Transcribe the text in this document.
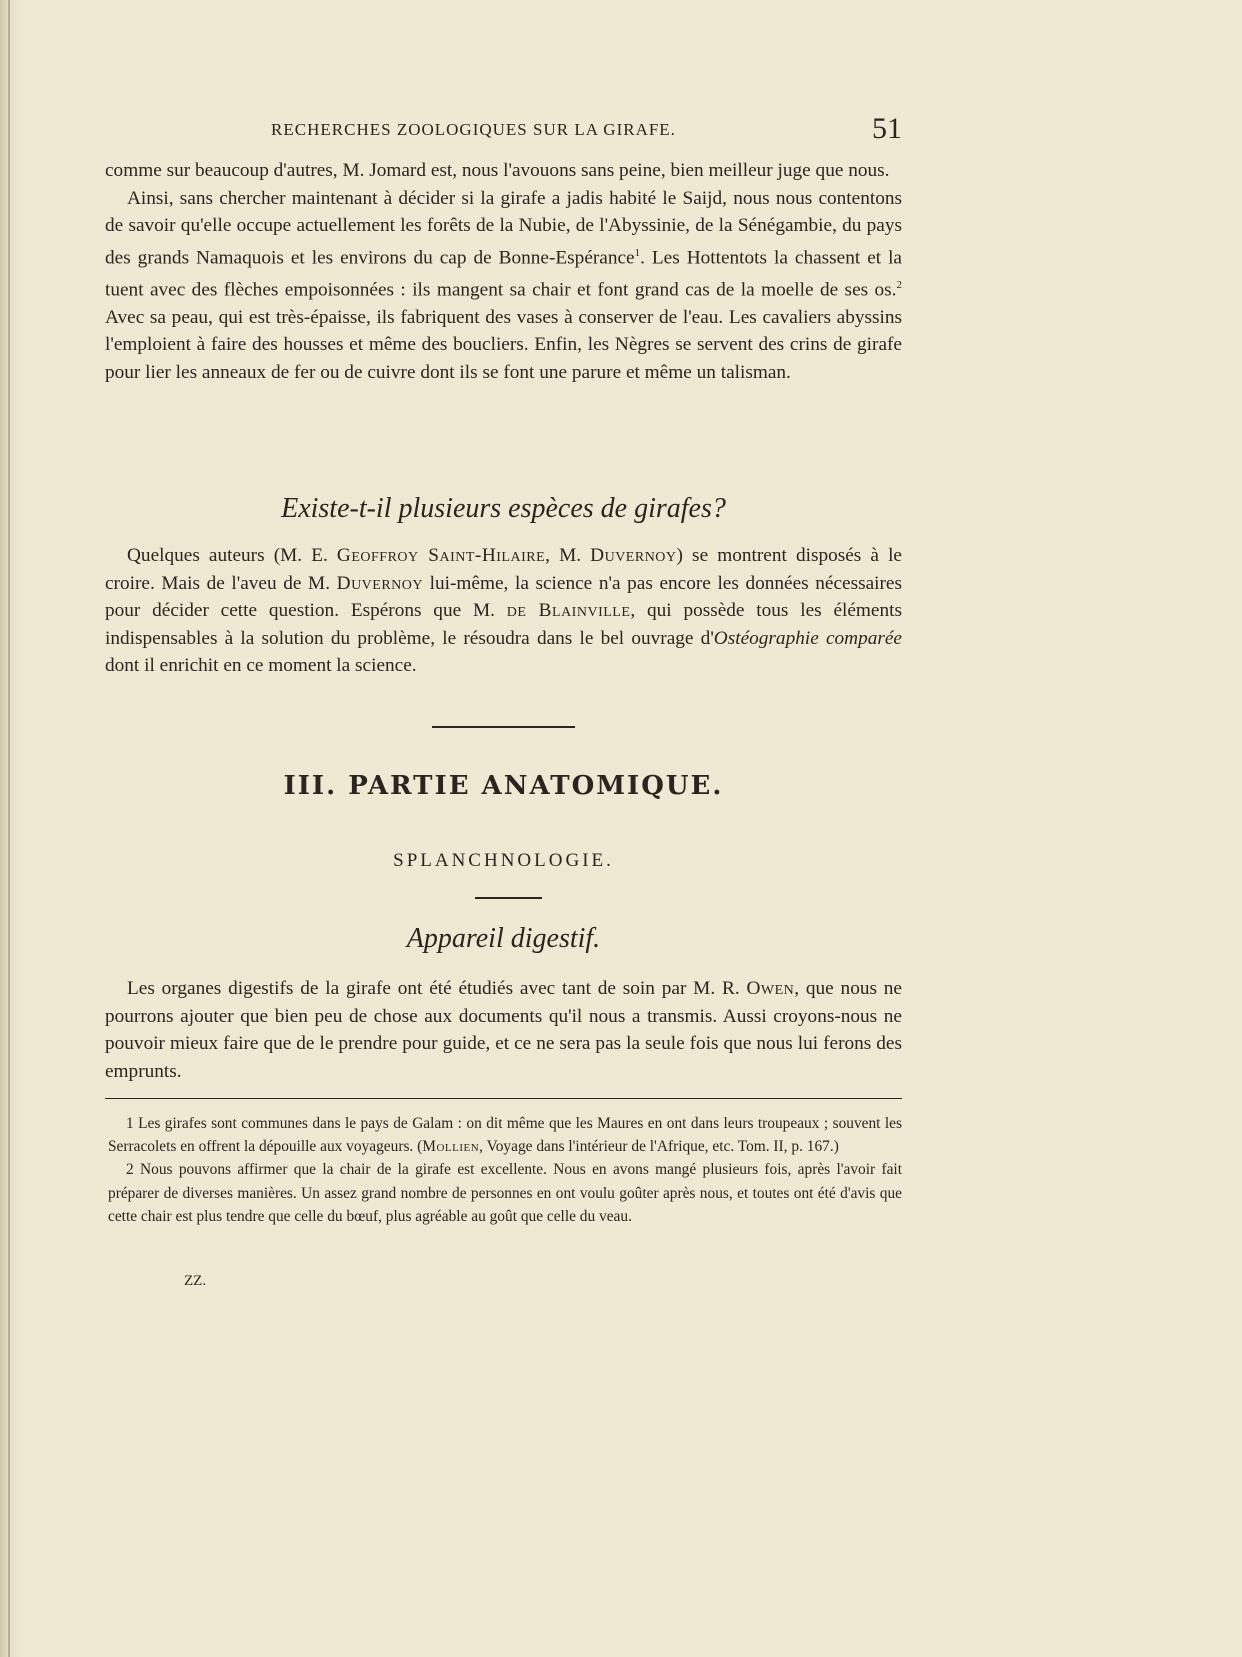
RECHERCHES ZOOLOGIQUES SUR LA GIRAFE.	51

comme sur beaucoup d'autres, M. Jomard est, nous l'avouons sans peine, bien meilleur juge que nous.

Ainsi, sans chercher maintenant à décider si la girafe a jadis habité le Saijd, nous nous contentons de savoir qu'elle occupe actuellement les forêts de la Nubie, de l'Abyssinie, de la Sénégambie, du pays des grands Namaquois et les environs du cap de Bonne-Espérance$^1$. Les Hottentots la chassent et la tuent avec des flèches empoisonnées : ils mangent sa chair et font grand cas de la moelle de ses os.$^2$ Avec sa peau, qui est très-épaisse, ils fabriquent des vases à conserver de l'eau. Les cavaliers abyssins l'emploient à faire des housses et même des boucliers. Enfin, les Nègres se servent des crins de girafe pour lier les anneaux de fer ou de cuivre dont ils se font une parure et même un talisman.

Existe-t-il plusieurs espèces de girafes?

Quelques auteurs (M. E. Geoffroy Saint-Hilaire, M. Duvernoy) se montrent disposés à le croire. Mais de l'aveu de M. Duvernoy lui-même, la science n'a pas encore les données nécessaires pour décider cette question. Espérons que M. de Blainville, qui possède tous les éléments indispensables à la solution du problème, le résoudra dans le bel ouvrage d'Ostéographie comparée dont il enrichit en ce moment la science.

III. PARTIE ANATOMIQUE.
SPLANCHNOLOGIE.
Appareil digestif.

Les organes digestifs de la girafe ont été étudiés avec tant de soin par M. R. Owen, que nous ne pourrons ajouter que bien peu de chose aux documents qu'il nous a transmis. Aussi croyons-nous ne pouvoir mieux faire que de le prendre pour guide, et ce ne sera pas la seule fois que nous lui ferons des emprunts.

1 Les girafes sont communes dans le pays de Galam : on dit même que les Maures en ont dans leurs troupeaux ; souvent les Serracolets en offrent la dépouille aux voyageurs. (Mollien, Voyage dans l'intérieur de l'Afrique, etc. Tom. II, p. 167.)

2 Nous pouvons affirmer que la chair de la girafe est excellente. Nous en avons mangé plusieurs fois, après l'avoir fait préparer de diverses manières. Un assez grand nombre de personnes en ont voulu goûter après nous, et toutes ont été d'avis que cette chair est plus tendre que celle du bœuf, plus agréable au goût que celle du veau.

ZZ.
